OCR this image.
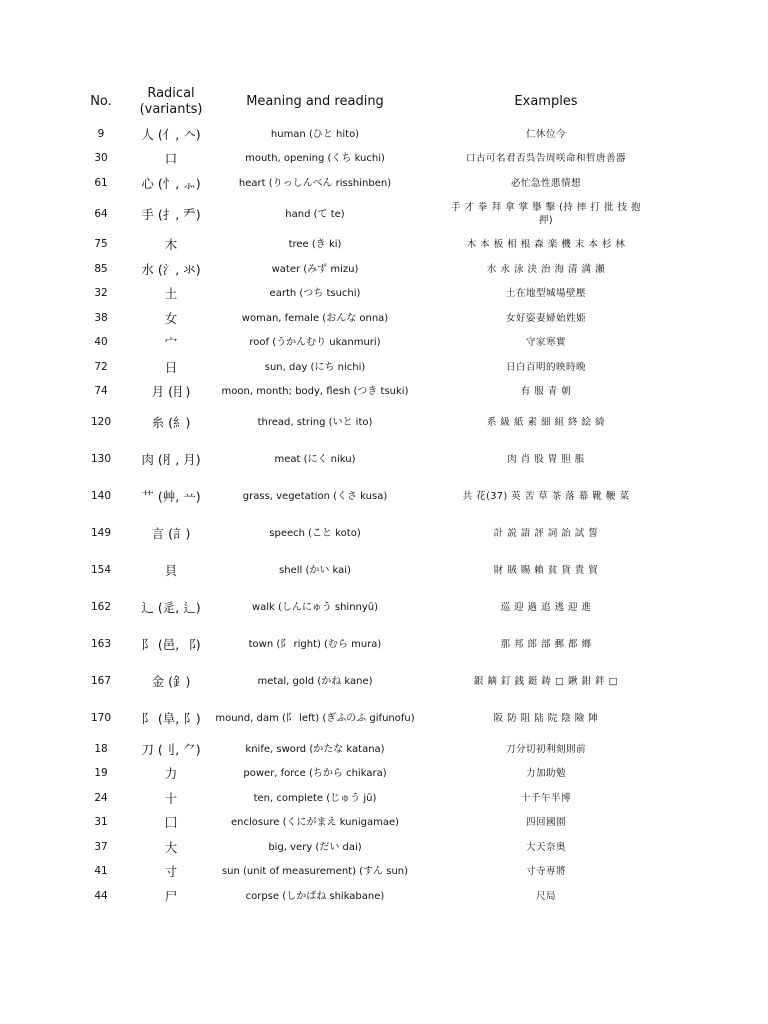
No.	Radical (variants)	Meaning and reading	Examples
9	人 (亻, 𠆢)	human (ひと hito)	仁休位今
30	口	mouth, opening (くち kuchi)	口古可名君否呉告周咲命和哲唐善器
61	心 (忄, ⺗)	heart (りっしんべん risshinben)	必忙急性悪情想
64	手 (扌, 龵)	hand (て te)	手 才 拳 拜 拿 掌 擧 擊 (持 摔 打 批 技 抱 押)
75	木	tree (き ki)	木 本 板 相 根 森 楽 機 末 本 杉 林
85	水 (氵, 氺)	water (みず mizu)	水 永 泳 決 治 海 清 満 瀬
32	土	earth (つち tsuchi)	土在地型城場壁壓
38	女	woman, female (おんな onna)	女好姿妻婦始姓姫
40	宀	roof (うかんむり ukanmuri)	守家寒實
72	日	sun, day (にち nichi)	日白百明的映時晩
74	月 (⺝)	moon, month; body, flesh (つき tsuki)	有 服 青 朝
120	糸 (糹)	thread, string (いと ito)	系 級 紙 素 細 組 終 絵 綺
130	肉 (⺼, 月)	meat (にく niku)	肉 肖 股 胃 胆 脹
140	艹 (艸, 䒑)	grass, vegetation (くさ kusa)	共 花(37) 英 苦 草 茶 落 幕 靴 鞭 菜
149	言 (訁)	speech (こと koto)	計 説 語 評 詞 詒 試 誓
154	貝	shell (かい kai)	財 賊 賜 賴 貧 貨 貴 貿
162	⻌ (辵, ⻍)	walk (しんにゅう shinnyū)	巡 迎 過 追 逃 迎 進
163	阝 (邑, ⻏)	town (阝 right) (むら mura)	那 邦 郎 部 郵 都 鄉
167	金 (釒)	metal, gold (かね kane)	銀 鏑 釘 銭 鋌 鋳 □ 鍬 鉗 鉡 □
170	阝 (阜, ⻖)	mound, dam (阝 left) (ぎふのふ gifunofu)	阪 防 阻 陆 院 陰 險 陣
18	刀 (刂, ⺈)	knife, sword (かたな katana)	刀分切初利刻則前
19	力	power, force (ちから chikara)	力加助勉
24	十	ten, complete (じゅう jū)	十千午半博
31	囗	enclosure (くにがまえ kunigamae)	四回國園
37	大	big, very (だい dai)	大天奈奥
41	寸	sun (unit of measurement) (すん sun)	寸寺専將
44	尸	corpse (しかばね shikabane)	尺局
